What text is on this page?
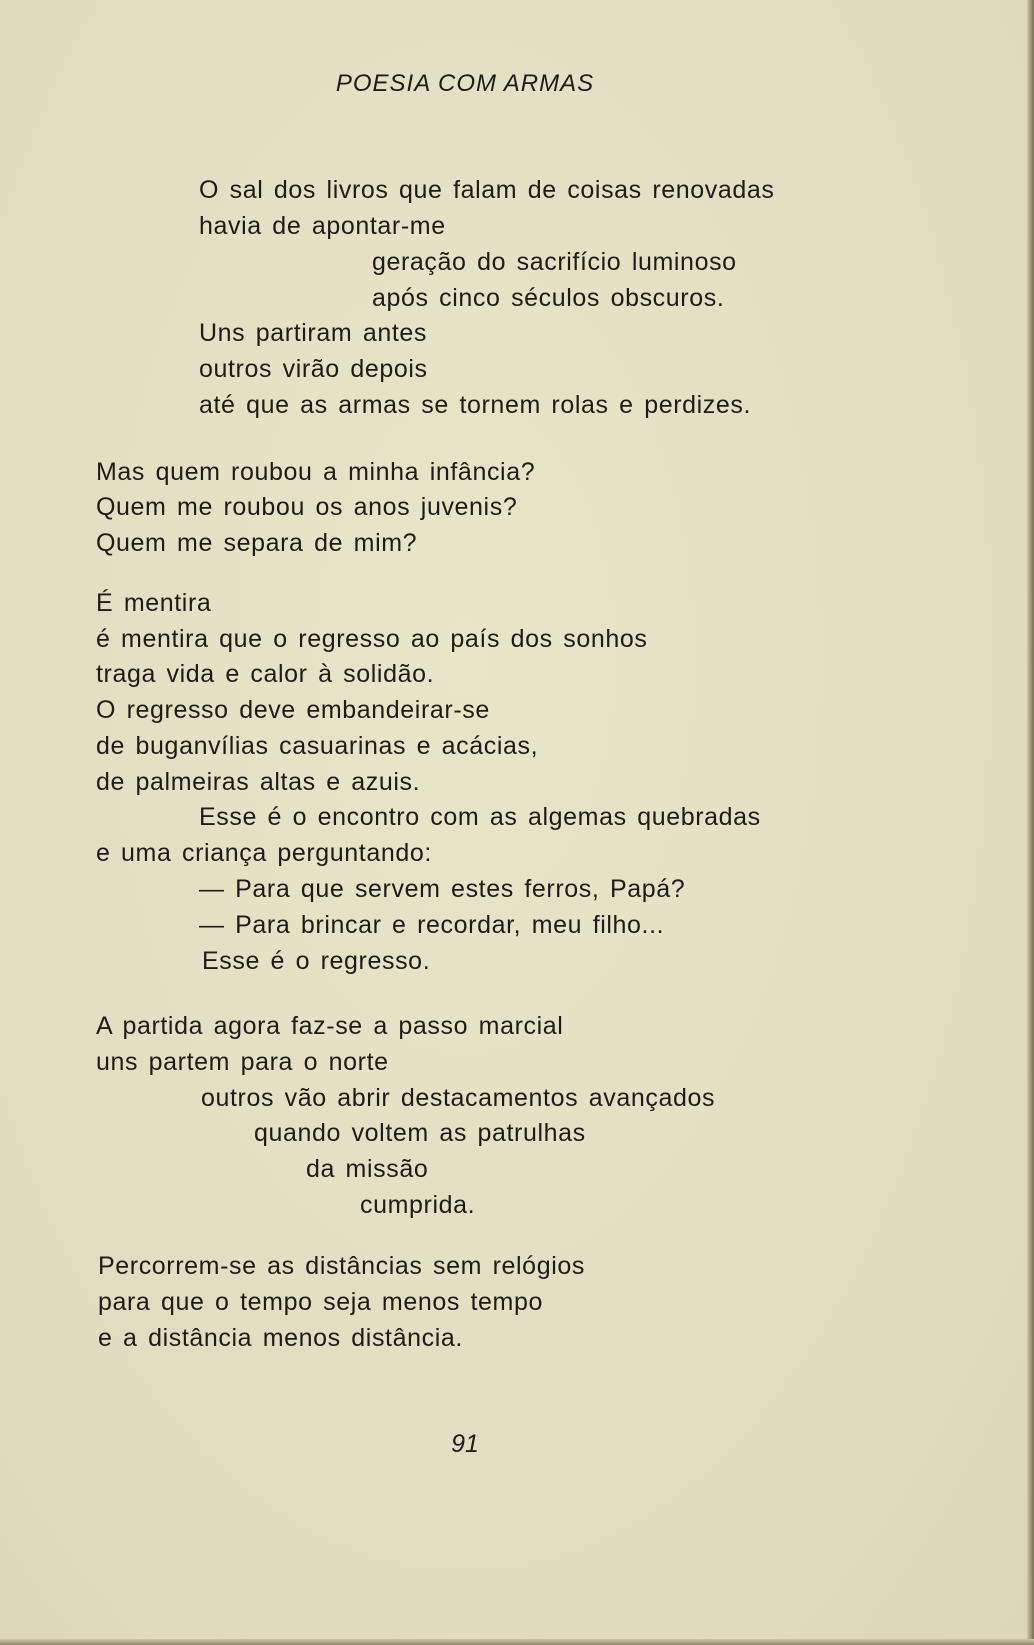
POESIA COM ARMAS
O sal dos livros que falam de coisas renovadas
havia de apontar-me
geração do sacrifício luminoso
após cinco séculos obscuros.
Uns partiram antes
outros virão depois
até que as armas se tornem rolas e perdizes.
Mas quem roubou a minha infância?
Quem me roubou os anos juvenis?
Quem me separa de mim?
É mentira
é mentira que o regresso ao país dos sonhos
traga vida e calor à solidão.
O regresso deve embandeirar-se
de buganvílias casuarinas e acácias,
de palmeiras altas e azuis.
Esse é o encontro com as algemas quebradas
e uma criança perguntando:
— Para que servem estes ferros, Papá?
— Para brincar e recordar, meu filho...
Esse é o regresso.
A partida agora faz-se a passo marcial
uns partem para o norte
outros vão abrir destacamentos avançados
quando voltem as patrulhas
da missão
cumprida.
Percorrem-se as distâncias sem relógios
para que o tempo seja menos tempo
e a distância menos distância.
91
